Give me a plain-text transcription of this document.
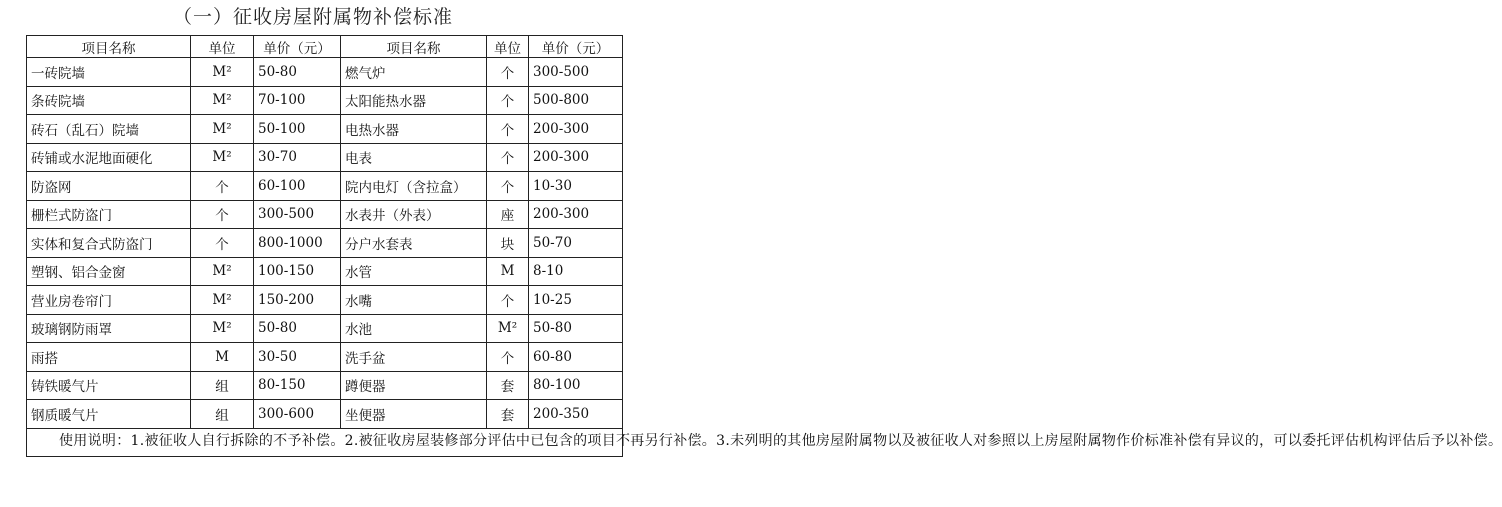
（一）征收房屋附属物补偿标准
项目名称	单位	单价（元）	项目名称	单位	单价（元）
一砖院墙	M²	50-80	燃气炉	个	300-500
条砖院墙	M²	70-100	太阳能热水器	个	500-800
砖石（乱石）院墙	M²	50-100	电热水器	个	200-300
砖铺或水泥地面硬化	M²	30-70	电表	个	200-300
防盗网	个	60-100	院内电灯（含拉盒）	个	10-30
栅栏式防盗门	个	300-500	水表井（外表）	座	200-300
实体和复合式防盗门	个	800-1000	分户水套表	块	50-70
塑钢、铝合金窗	M²	100-150	水管	M	8-10
营业房卷帘门	M²	150-200	水嘴	个	10-25
玻璃钢防雨罩	M²	50-80	水池	M²	50-80
雨搭	M	30-50	洗手盆	个	60-80
铸铁暖气片	组	80-150	蹲便器	套	80-100
钢质暖气片	组	300-600	坐便器	套	200-350
使用说明：1.被征收人自行拆除的不予补偿。2.被征收房屋装修部分评估中已包含的项目不再另行补偿。3.未列明的其他房屋附属物以及被征收人对参照以上房屋附属物作价标准补偿有异议的，可以委托评估机构评估后予以补偿。					
